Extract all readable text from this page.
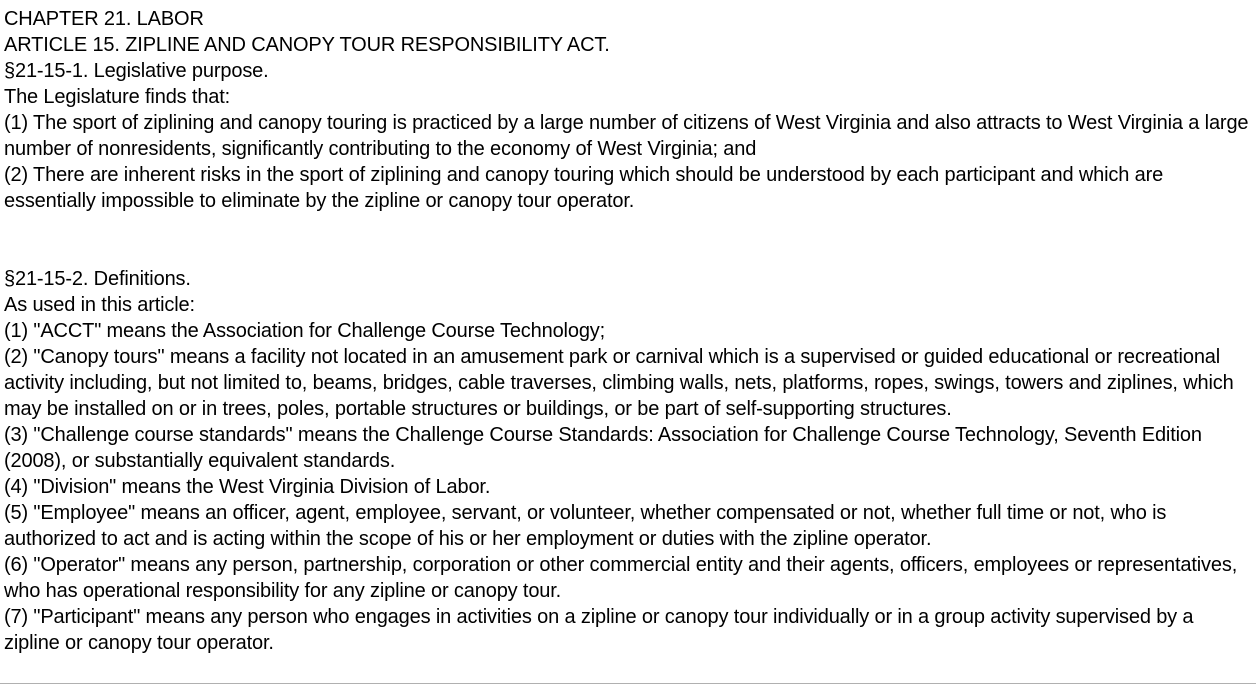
CHAPTER 21. LABOR

ARTICLE 15. ZIPLINE AND CANOPY TOUR RESPONSIBILITY ACT.

§21-15-1. Legislative purpose.

The Legislature finds that:

(1) The sport of ziplining and canopy touring is practiced by a large number of citizens of West Virginia and also attracts to West Virginia a large number of nonresidents, significantly contributing to the economy of West Virginia; and

(2) There are inherent risks in the sport of ziplining and canopy touring which should be understood by each participant and which are essentially impossible to eliminate by the zipline or canopy tour operator.

§21-15-2. Definitions.

As used in this article:

(1) "ACCT" means the Association for Challenge Course Technology;

(2) "Canopy tours" means a facility not located in an amusement park or carnival which is a supervised or guided educational or recreational activity including, but not limited to, beams, bridges, cable traverses, climbing walls, nets, platforms, ropes, swings, towers and ziplines, which may be installed on or in trees, poles, portable structures or buildings, or be part of self-supporting structures.

(3) "Challenge course standards" means the Challenge Course Standards: Association for Challenge Course Technology, Seventh Edition (2008), or substantially equivalent standards.

(4) "Division" means the West Virginia Division of Labor.

(5) "Employee" means an officer, agent, employee, servant, or volunteer, whether compensated or not, whether full time or not, who is authorized to act and is acting within the scope of his or her employment or duties with the zipline operator.

(6) "Operator" means any person, partnership, corporation or other commercial entity and their agents, officers, employees or representatives, who has operational responsibility for any zipline or canopy tour.

(7) "Participant" means any person who engages in activities on a zipline or canopy tour individually or in a group activity supervised by a zipline or canopy tour operator.
